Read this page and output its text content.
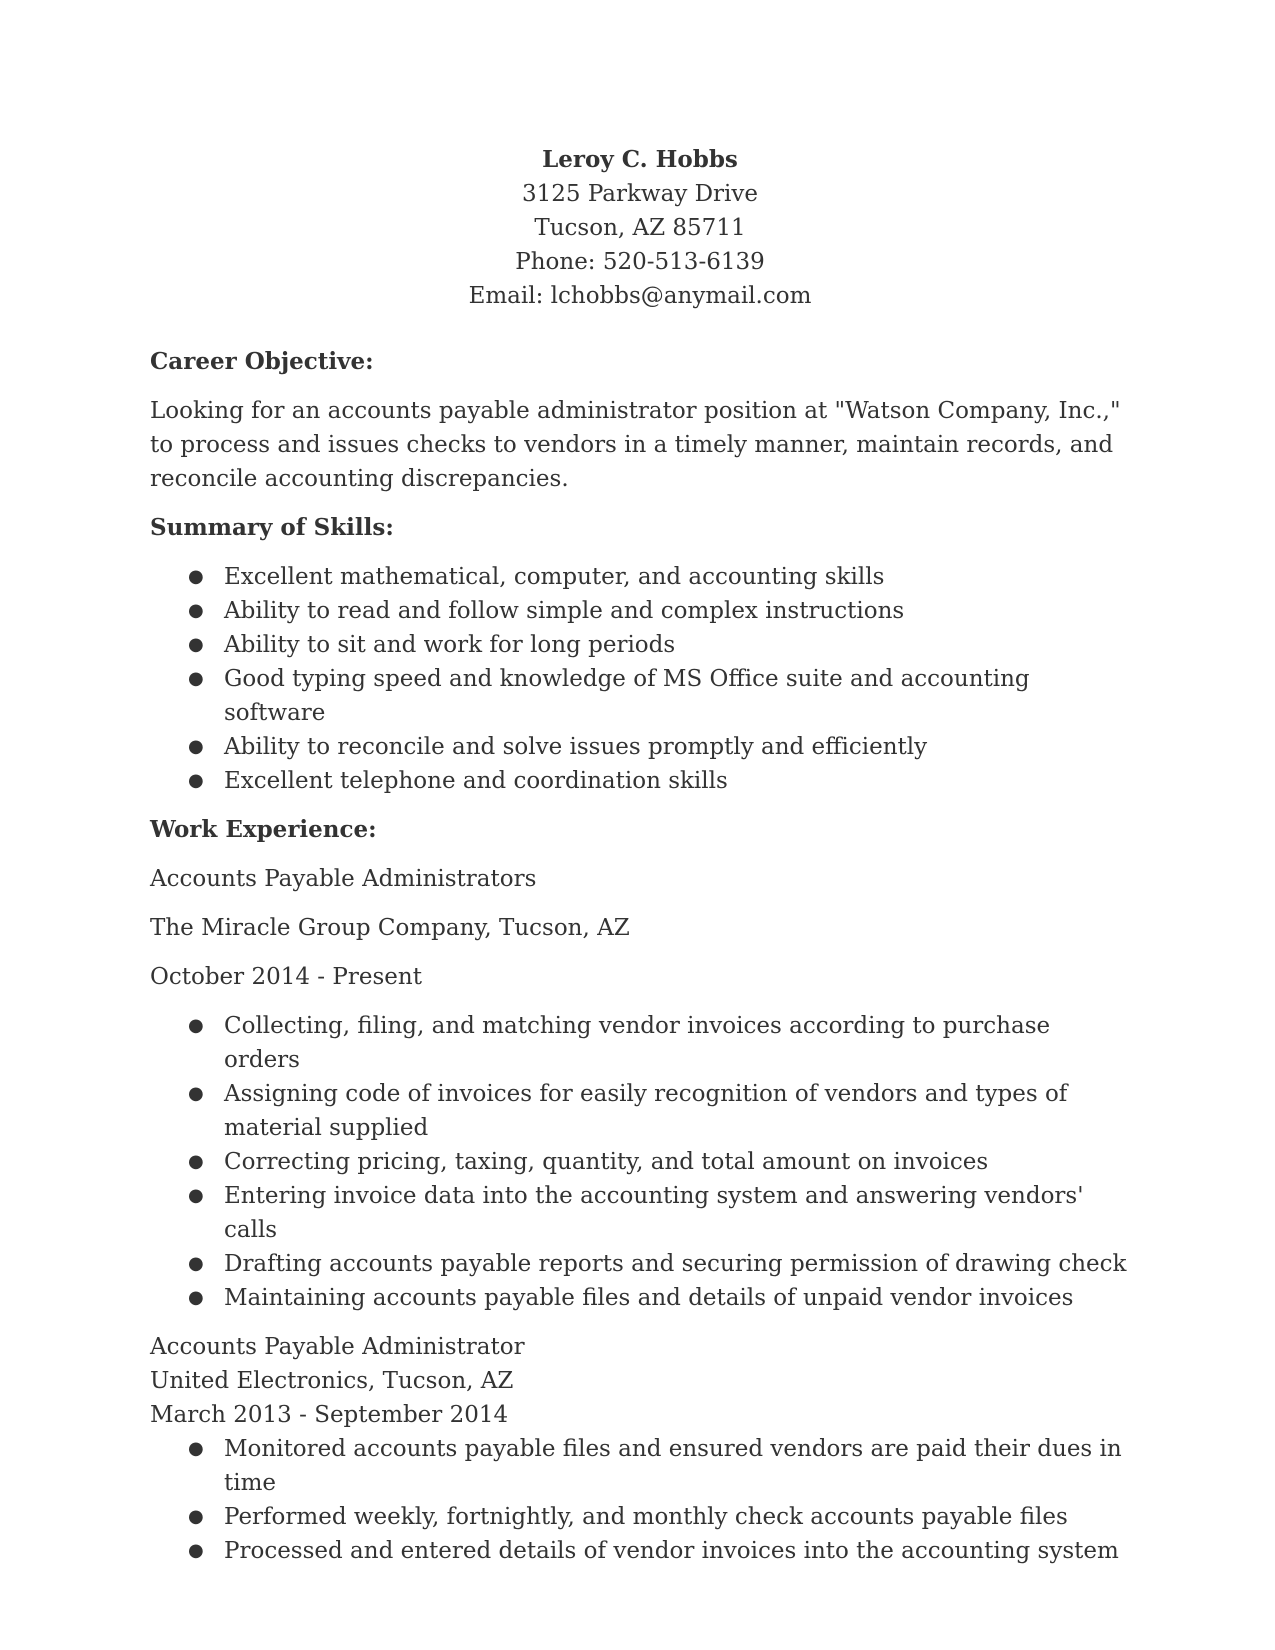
Leroy C. Hobbs
3125 Parkway Drive
Tucson, AZ 85711
Phone: 520-513-6139
Email: lchobbs@anymail.com

Career Objective:

Looking for an accounts payable administrator position at "Watson Company, Inc.," to process and issues checks to vendors in a timely manner, maintain records, and reconcile accounting discrepancies.

Summary of Skills:

● Excellent mathematical, computer, and accounting skills
● Ability to read and follow simple and complex instructions
● Ability to sit and work for long periods
● Good typing speed and knowledge of MS Office suite and accounting software
● Ability to reconcile and solve issues promptly and efficiently
● Excellent telephone and coordination skills

Work Experience:

Accounts Payable Administrators

The Miracle Group Company, Tucson, AZ

October 2014 - Present

● Collecting, filing, and matching vendor invoices according to purchase orders
● Assigning code of invoices for easily recognition of vendors and types of material supplied
● Correcting pricing, taxing, quantity, and total amount on invoices
● Entering invoice data into the accounting system and answering vendors' calls
● Drafting accounts payable reports and securing permission of drawing check
● Maintaining accounts payable files and details of unpaid vendor invoices

Accounts Payable Administrator

United Electronics, Tucson, AZ

March 2013 - September 2014

● Monitored accounts payable files and ensured vendors are paid their dues in time
● Performed weekly, fortnightly, and monthly check accounts payable files
● Processed and entered details of vendor invoices into the accounting system
